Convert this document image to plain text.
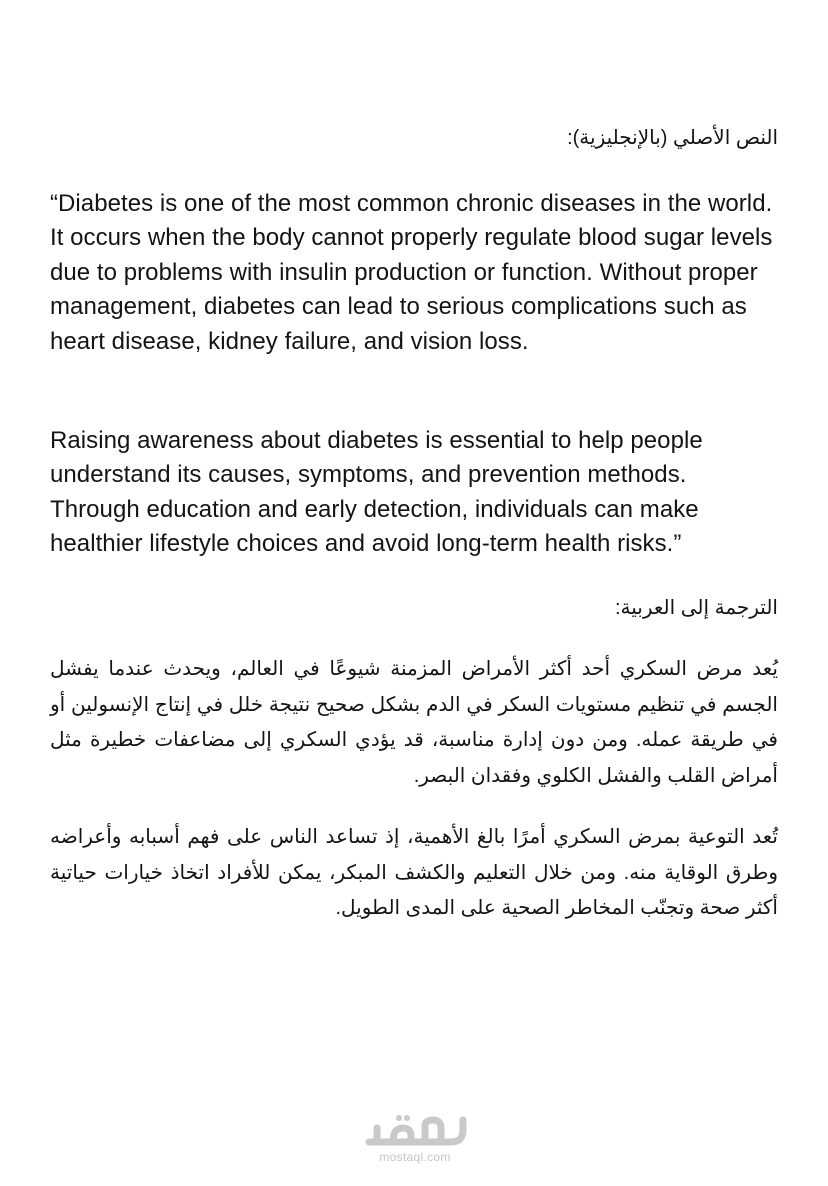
النص الأصلي (بالإنجليزية):

“Diabetes is one of the most common chronic diseases in the world. It occurs when the body cannot properly regulate blood sugar levels due to problems with insulin production or function. Without proper management, diabetes can lead to serious complications such as heart disease, kidney failure, and vision loss.

Raising awareness about diabetes is essential to help people understand its causes, symptoms, and prevention methods. Through education and early detection, individuals can make healthier lifestyle choices and avoid long-term health risks.”

الترجمة إلى العربية:

يُعد مرض السكري أحد أكثر الأمراض المزمنة شيوعًا في العالم، ويحدث عندما يفشل الجسم في تنظيم مستويات السكر في الدم بشكل صحيح نتيجة خلل في إنتاج الإنسولين أو في طريقة عمله. ومن دون إدارة مناسبة، قد يؤدي السكري إلى مضاعفات خطيرة مثل أمراض القلب والفشل الكلوي وفقدان البصر.

تُعد التوعية بمرض السكري أمرًا بالغ الأهمية، إذ تساعد الناس على فهم أسبابه وأعراضه وطرق الوقاية منه. ومن خلال التعليم والكشف المبكر، يمكن للأفراد اتخاذ خيارات حياتية أكثر صحة وتجنّب المخاطر الصحية على المدى الطويل.

mostaql.com
